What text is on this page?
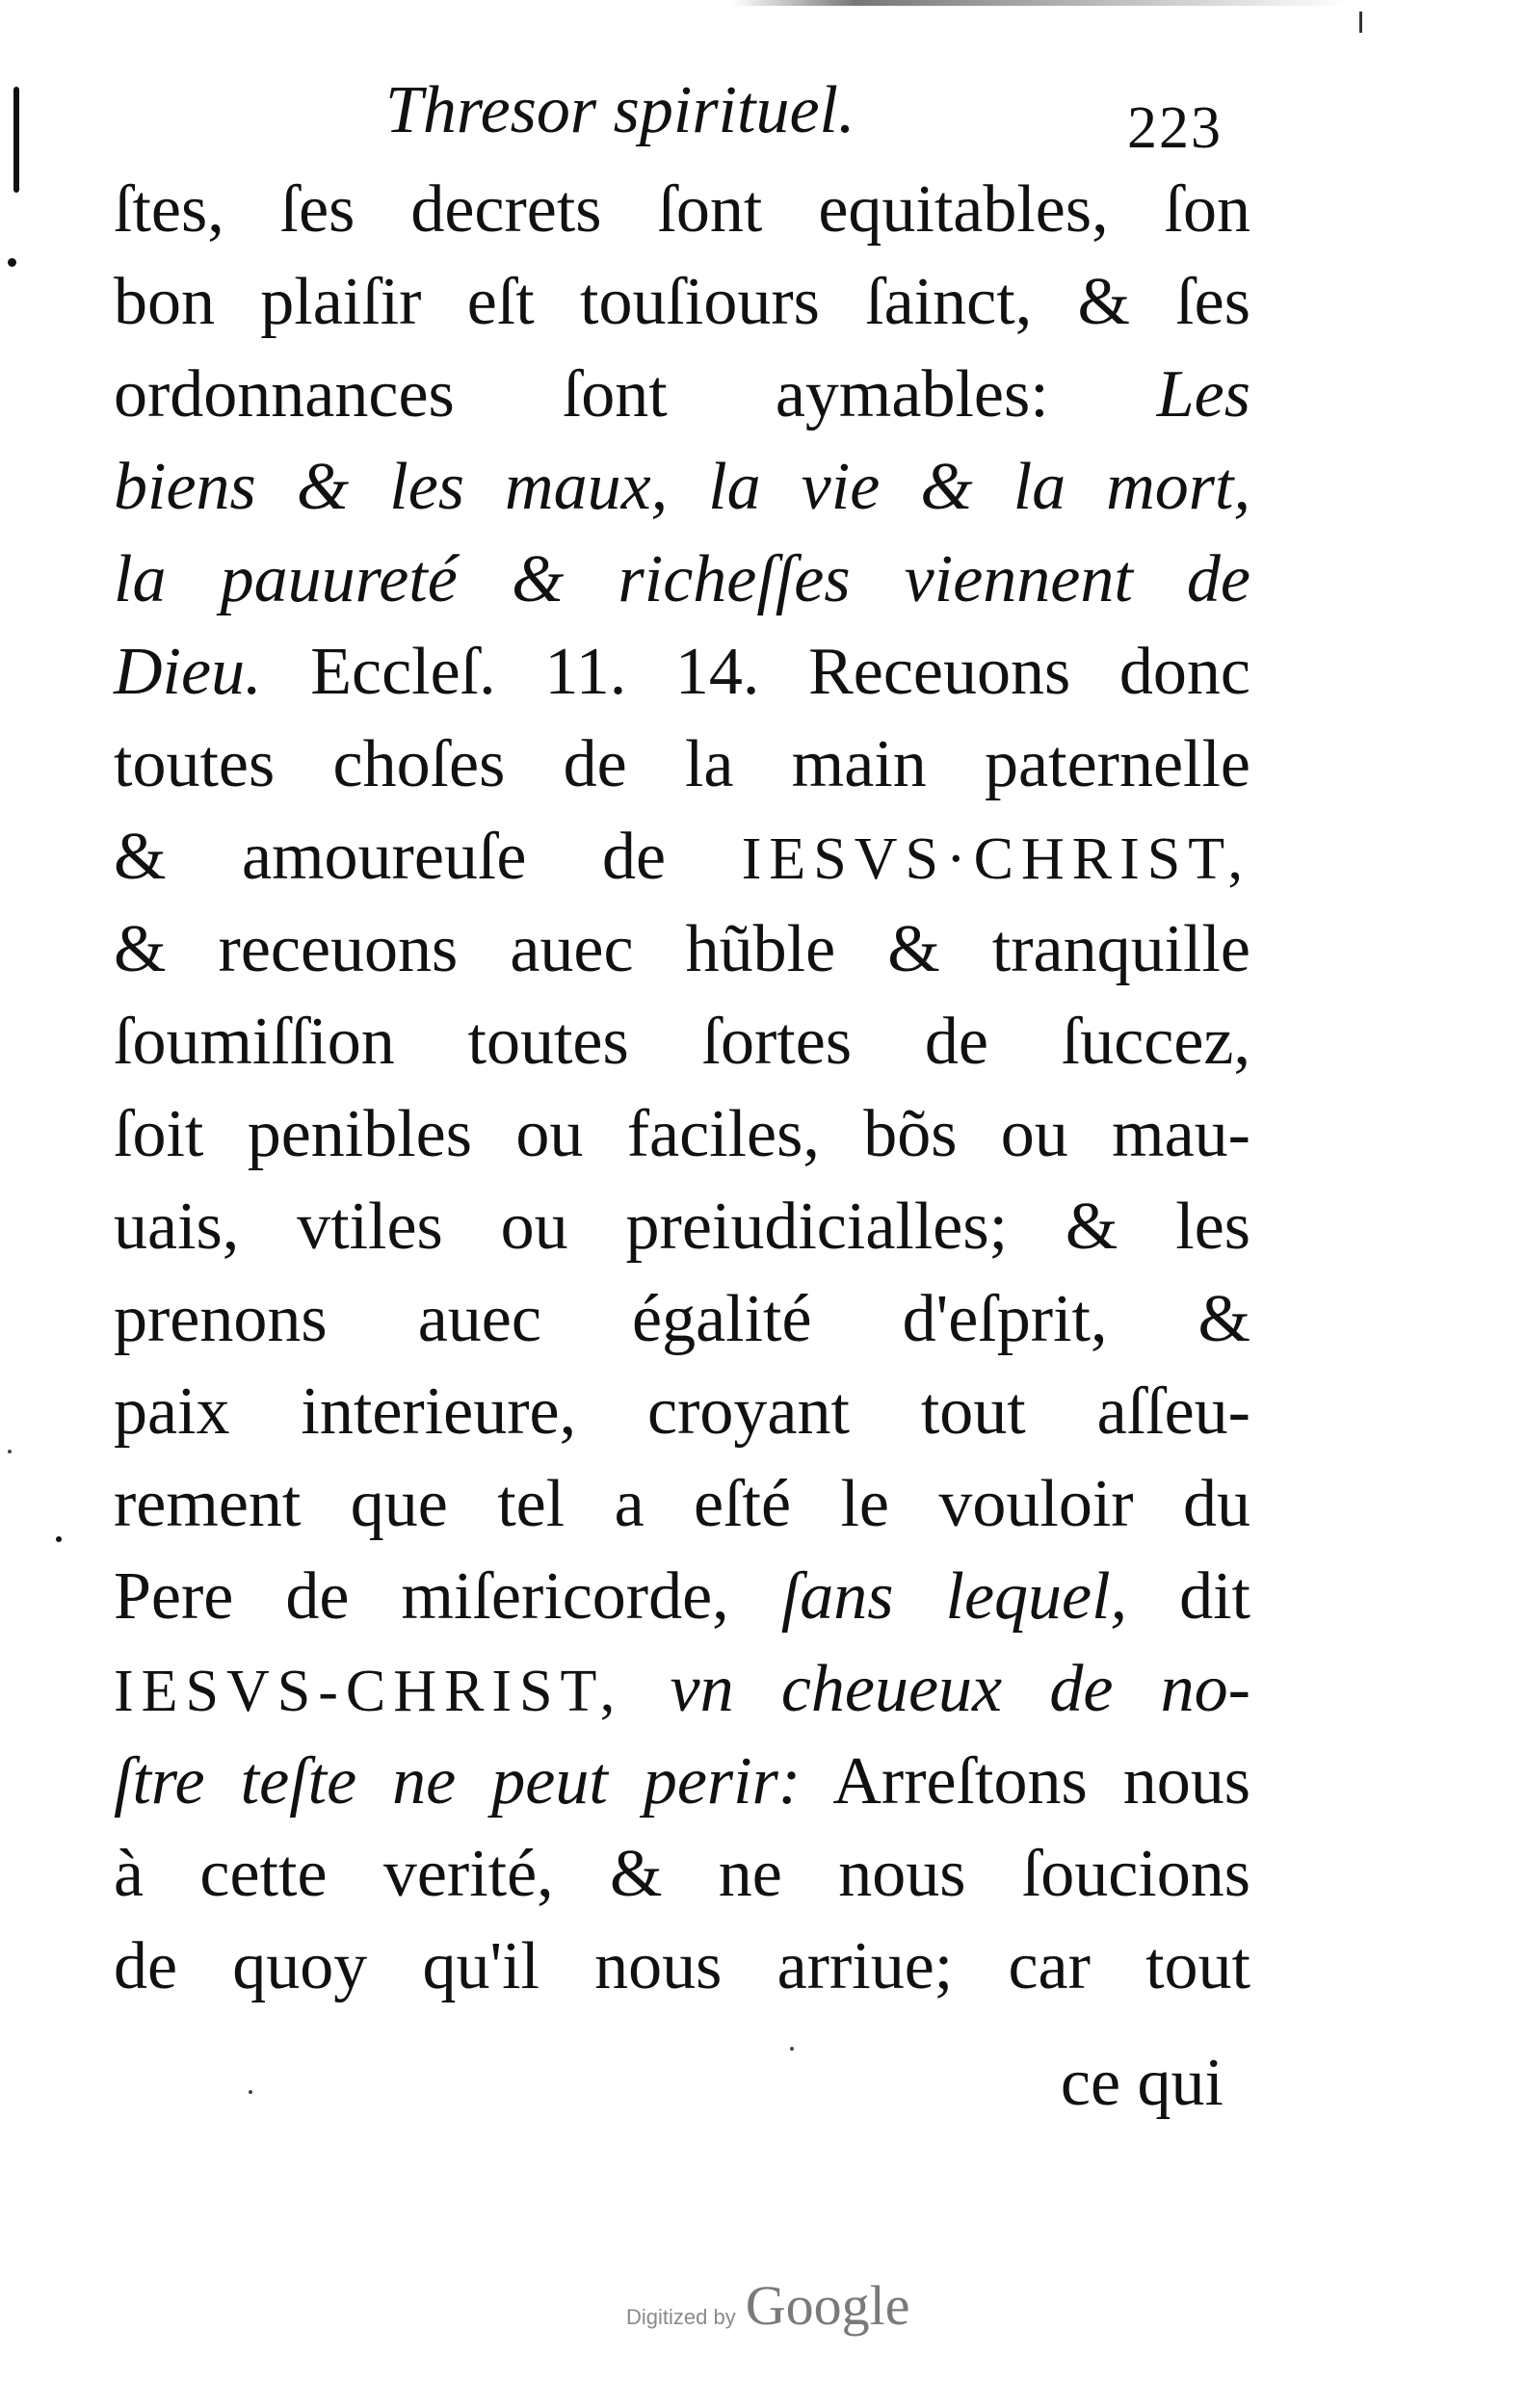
Thresor spirituel.	223
ſtes, ſes decrets ſont equitables, ſon
bon plaiſir eſt touſiours ſainct, & ſes
ordonnances ſont aymables: Les
biens & les maux, la vie & la mort,
la pauureté & richeſſes viennent de
Dieu. Eccleſ. 11. 14. Receuons donc
toutes choſes de la main paternelle
& amoureuſe de IESVS·CHRIST,
& receuons auec hũble & tranquille
ſoumiſſion toutes ſortes de ſuccez,
ſoit penibles ou faciles, bõs ou mau-
uais, vtiles ou preiudicialles; & les
prenons auec égalité d'eſprit, &
paix interieure, croyant tout aſſeu-
rement que tel a eſté le vouloir du
Pere de miſericorde, ſans lequel, dit
IESVS-CHRIST, vn cheueux de no-
ſtre teſte ne peut perir: Arreſtons nous
à cette verité, & ne nous ſoucions
de quoy qu'il nous arriue; car tout
ce qui
Digitized by Google
